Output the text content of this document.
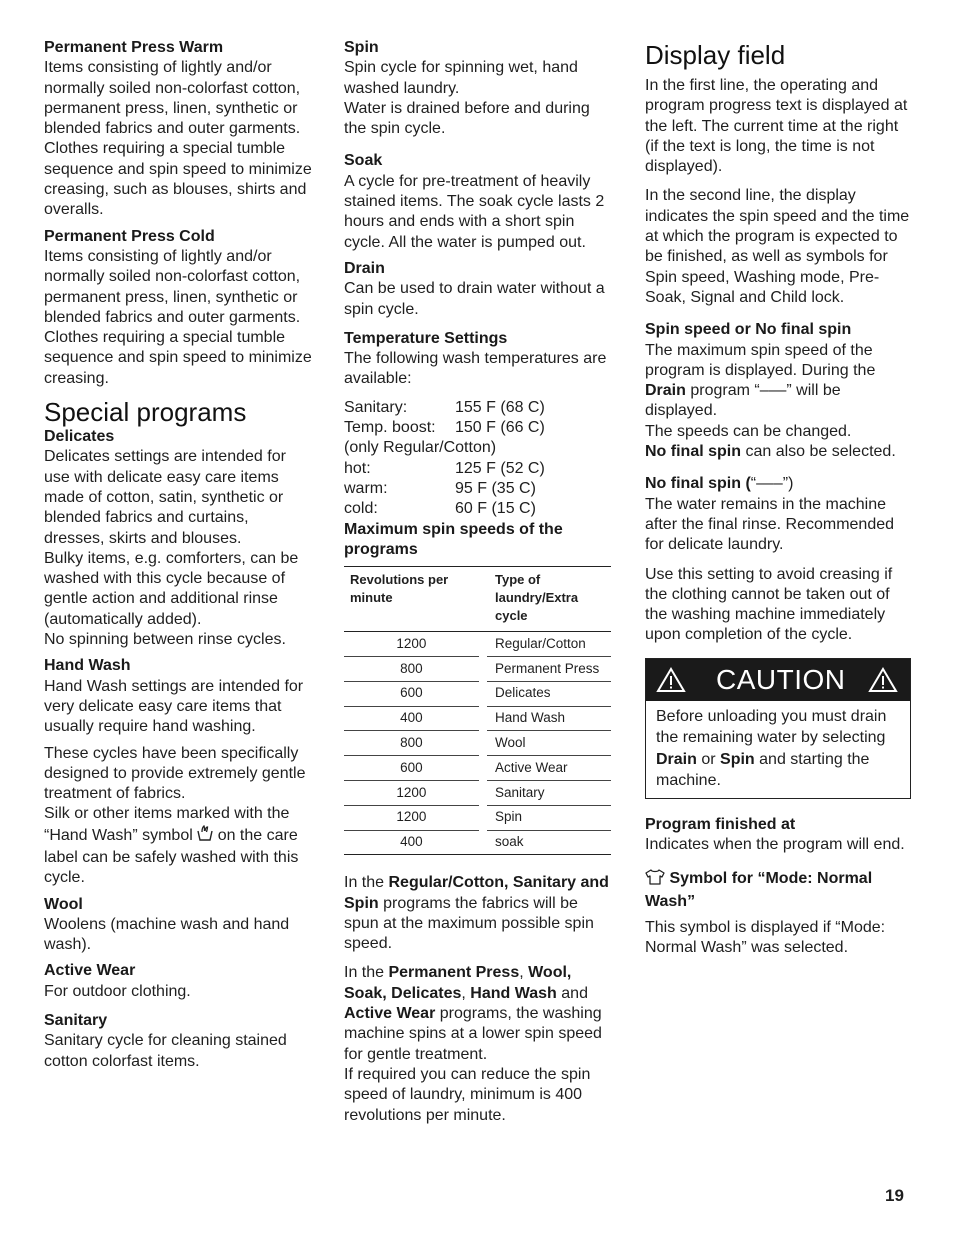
Permanent Press Warm

Items consisting of lightly and/or normally soiled non-colorfast cotton, permanent press, linen, synthetic or blended fabrics and outer garments. Clothes requiring a special tumble sequence and spin speed to minimize creasing, such as blouses, shirts and overalls.

Permanent Press Cold

Items consisting of lightly and/or normally soiled non-colorfast cotton, permanent press, linen, synthetic or blended fabrics and outer garments. Clothes requiring a special tumble sequence and spin speed to minimize creasing.

Special programs

Delicates

Delicates settings are intended for use with delicate easy care items made of cotton, satin, synthetic or blended fabrics and curtains, dresses, skirts and blouses.

Bulky items, e.g. comforters, can be washed with this cycle because of gentle action and additional rinse (automatically added).

No spinning between rinse cycles.

Hand Wash

Hand Wash settings are intended for very delicate easy care items that usually require hand washing.

These cycles have been specifically designed to provide extremely gentle treatment of fabrics.

Silk or other items marked with the “Hand Wash” symbol on the care label can be safely washed with this cycle.

Wool

Woolens (machine wash and hand wash).

Active Wear

For outdoor clothing.

Sanitary

Sanitary cycle for cleaning stained cotton colorfast items.

Spin

Spin cycle for spinning wet, hand washed laundry.

Water is drained before and during the spin cycle.

Soak

A cycle for pre-treatment of heavily stained items. The soak cycle lasts 2 hours and ends with a short spin cycle. All the water is pumped out.

Drain

Can be used to drain water without a spin cycle.

Temperature Settings

The following wash temperatures are available:

Sanitary:	155 F (68 C)
Temp. boost:	150 F (66 C)
(only Regular/Cotton)
hot:	125 F (52 C)
warm:	95 F (35 C)
cold:	60 F (15 C)

Maximum spin speeds of the programs

Revolutions per minute		Type of laundry/Extra cycle
1200		Regular/Cotton
800		Permanent Press
600		Delicates
400		Hand Wash
800		Wool
600		Active Wear
1200		Sanitary
1200		Spin
400		soak

In the Regular/Cotton, Sanitary and Spin programs the fabrics will be spun at the maximum possible spin speed.

In the Permanent Press, Wool, Soak, Delicates, Hand Wash and Active Wear programs, the washing machine spins at a lower spin speed for gentle treatment.

If required you can reduce the spin speed of laundry, minimum is 400 revolutions per minute.

Display field

In the first line, the operating and program progress text is displayed at the left. The current time at the right (if the text is long, the time is not displayed).

In the second line, the display indicates the spin speed and the time at which the program is expected to be finished, as well as symbols for Spin speed, Washing mode, Pre-Soak, Signal and Child lock.

Spin speed or No final spin

The maximum spin speed of the program is displayed. During the Drain program “–––” will be displayed.

The speeds can be changed.

No final spin can also be selected.

No final spin (“–––”)

The water remains in the machine after the final rinse. Recommended for delicate laundry.

Use this setting to avoid creasing if the clothing cannot be taken out of the washing machine immediately upon completion of the cycle.

CAUTION
Before unloading you must drain the remaining water by selecting Drain or Spin and starting the machine.

Program finished at

Indicates when the program will end.

Symbol for “Mode: Normal Wash”

This symbol is displayed if “Mode: Normal Wash” was selected.

19
